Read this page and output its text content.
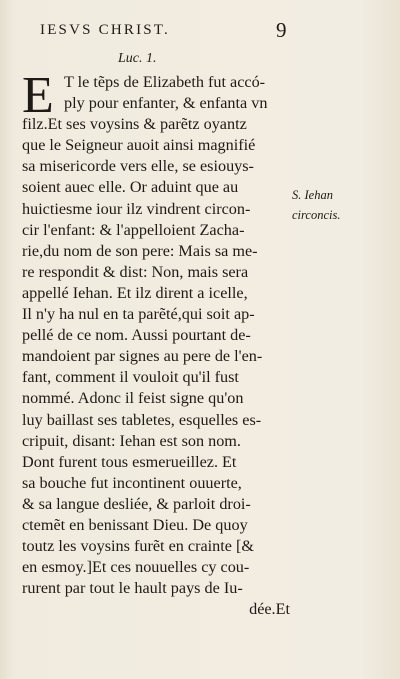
IESVS CHRIST.	9
Luc. 1.
E T le tẽps de Elizabeth fut accó-
ply pour enfanter, & enfanta vn
filz.Et ses voysins & parẽtz oyantz
que le Seigneur auoit ainsi magnifié
sa misericorde vers elle, se esiouys-
soient auec elle. Or aduint que au
huictiesme iour ilz vindrent circon-
cir l'enfant: & l'appelloient Zacha-
rie,du nom de son pere: Mais sa me-
re respondit & dist: Non, mais sera
appellé Iehan. Et ilz dirent a icelle,
Il n'y ha nul en ta parẽté,qui soit ap-
pellé de ce nom. Aussi pourtant de-
mandoient par signes au pere de l'en-
fant, comment il vouloit qu'il fust
nommé. Adonc il feist signe qu'on
luy baillast ses tabletes, esquelles es-
cripuit, disant: Iehan est son nom.
Dont furent tous esmerueillez. Et
sa bouche fut incontinent ouuerte,
& sa langue desliée, & parloit droi-
ctemẽt en benissant Dieu. De quoy
toutz les voysins furẽt en crainte [&
en esmoy.]Et ces nouuelles cy cou-
rurent par tout le hault pays de Iu-
dée.Et
S. Iehan
circoncis.
